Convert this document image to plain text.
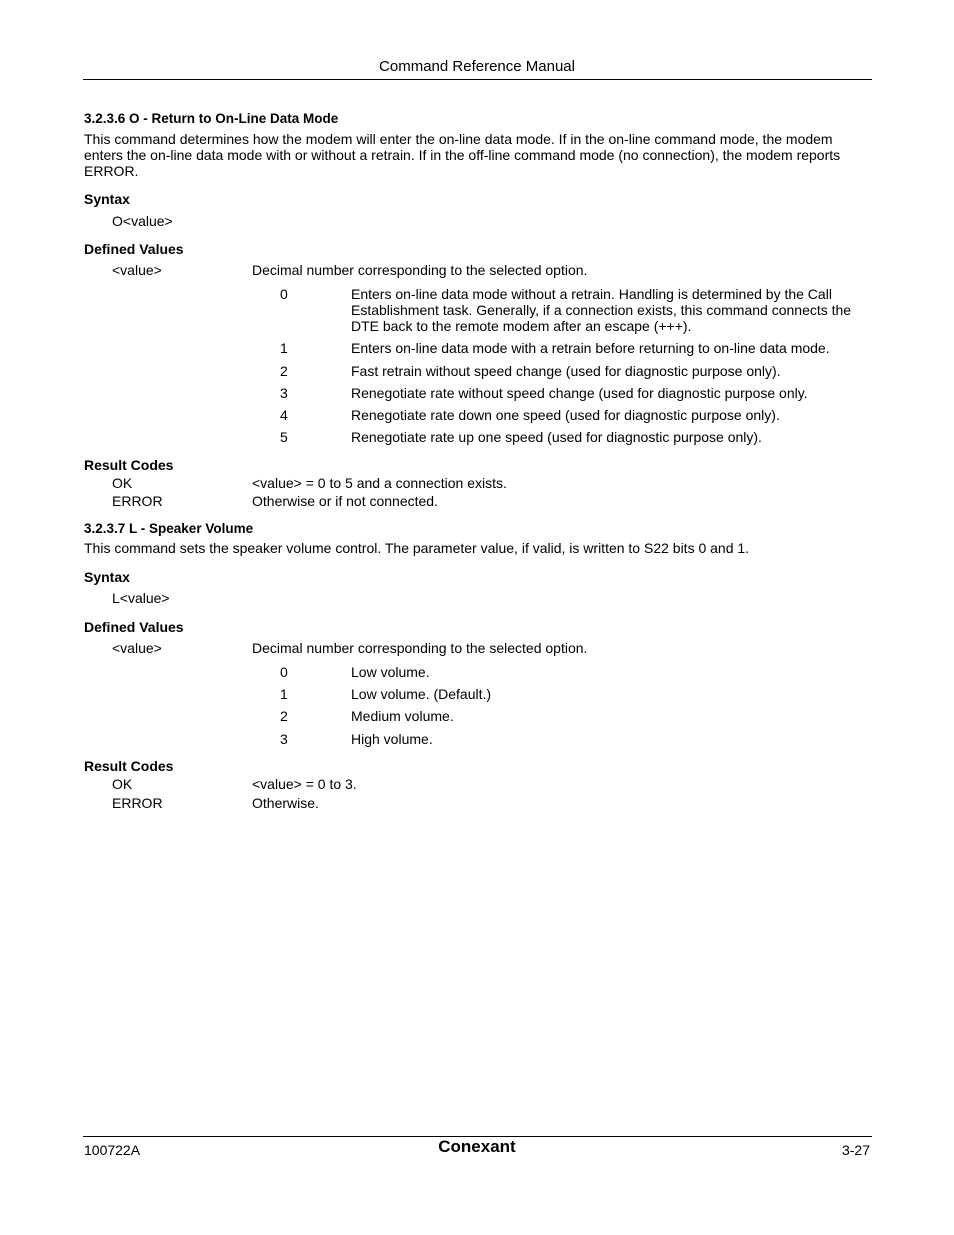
Command Reference Manual
3.2.3.6 O - Return to On-Line Data Mode
This command determines how the modem will enter the on-line data mode. If in the on-line command mode, the modem
enters the on-line data mode with or without a retrain. If in the off-line command mode (no connection), the modem reports
ERROR.
Syntax
O<value>
Defined Values
<value>	Decimal number corresponding to the selected option.
0	Enters on-line data mode without a retrain. Handling is determined by the Call
Establishment task. Generally, if a connection exists, this command connects the
DTE back to the remote modem after an escape (+++).
1	Enters on-line data mode with a retrain before returning to on-line data mode.
2	Fast retrain without speed change (used for diagnostic purpose only).
3	Renegotiate rate without speed change (used for diagnostic purpose only.
4	Renegotiate rate down one speed (used for diagnostic purpose only).
5	Renegotiate rate up one speed (used for diagnostic purpose only).
Result Codes
OK	<value> = 0 to 5 and a connection exists.
ERROR	Otherwise or if not connected.
3.2.3.7 L - Speaker Volume
This command sets the speaker volume control. The parameter value, if valid, is written to S22 bits 0 and 1.
Syntax
L<value>
Defined Values
<value>	Decimal number corresponding to the selected option.
0	Low volume.
1	Low volume. (Default.)
2	Medium volume.
3	High volume.
Result Codes
OK	<value> = 0 to 3.
ERROR	Otherwise.
100722A	Conexant	3-27
